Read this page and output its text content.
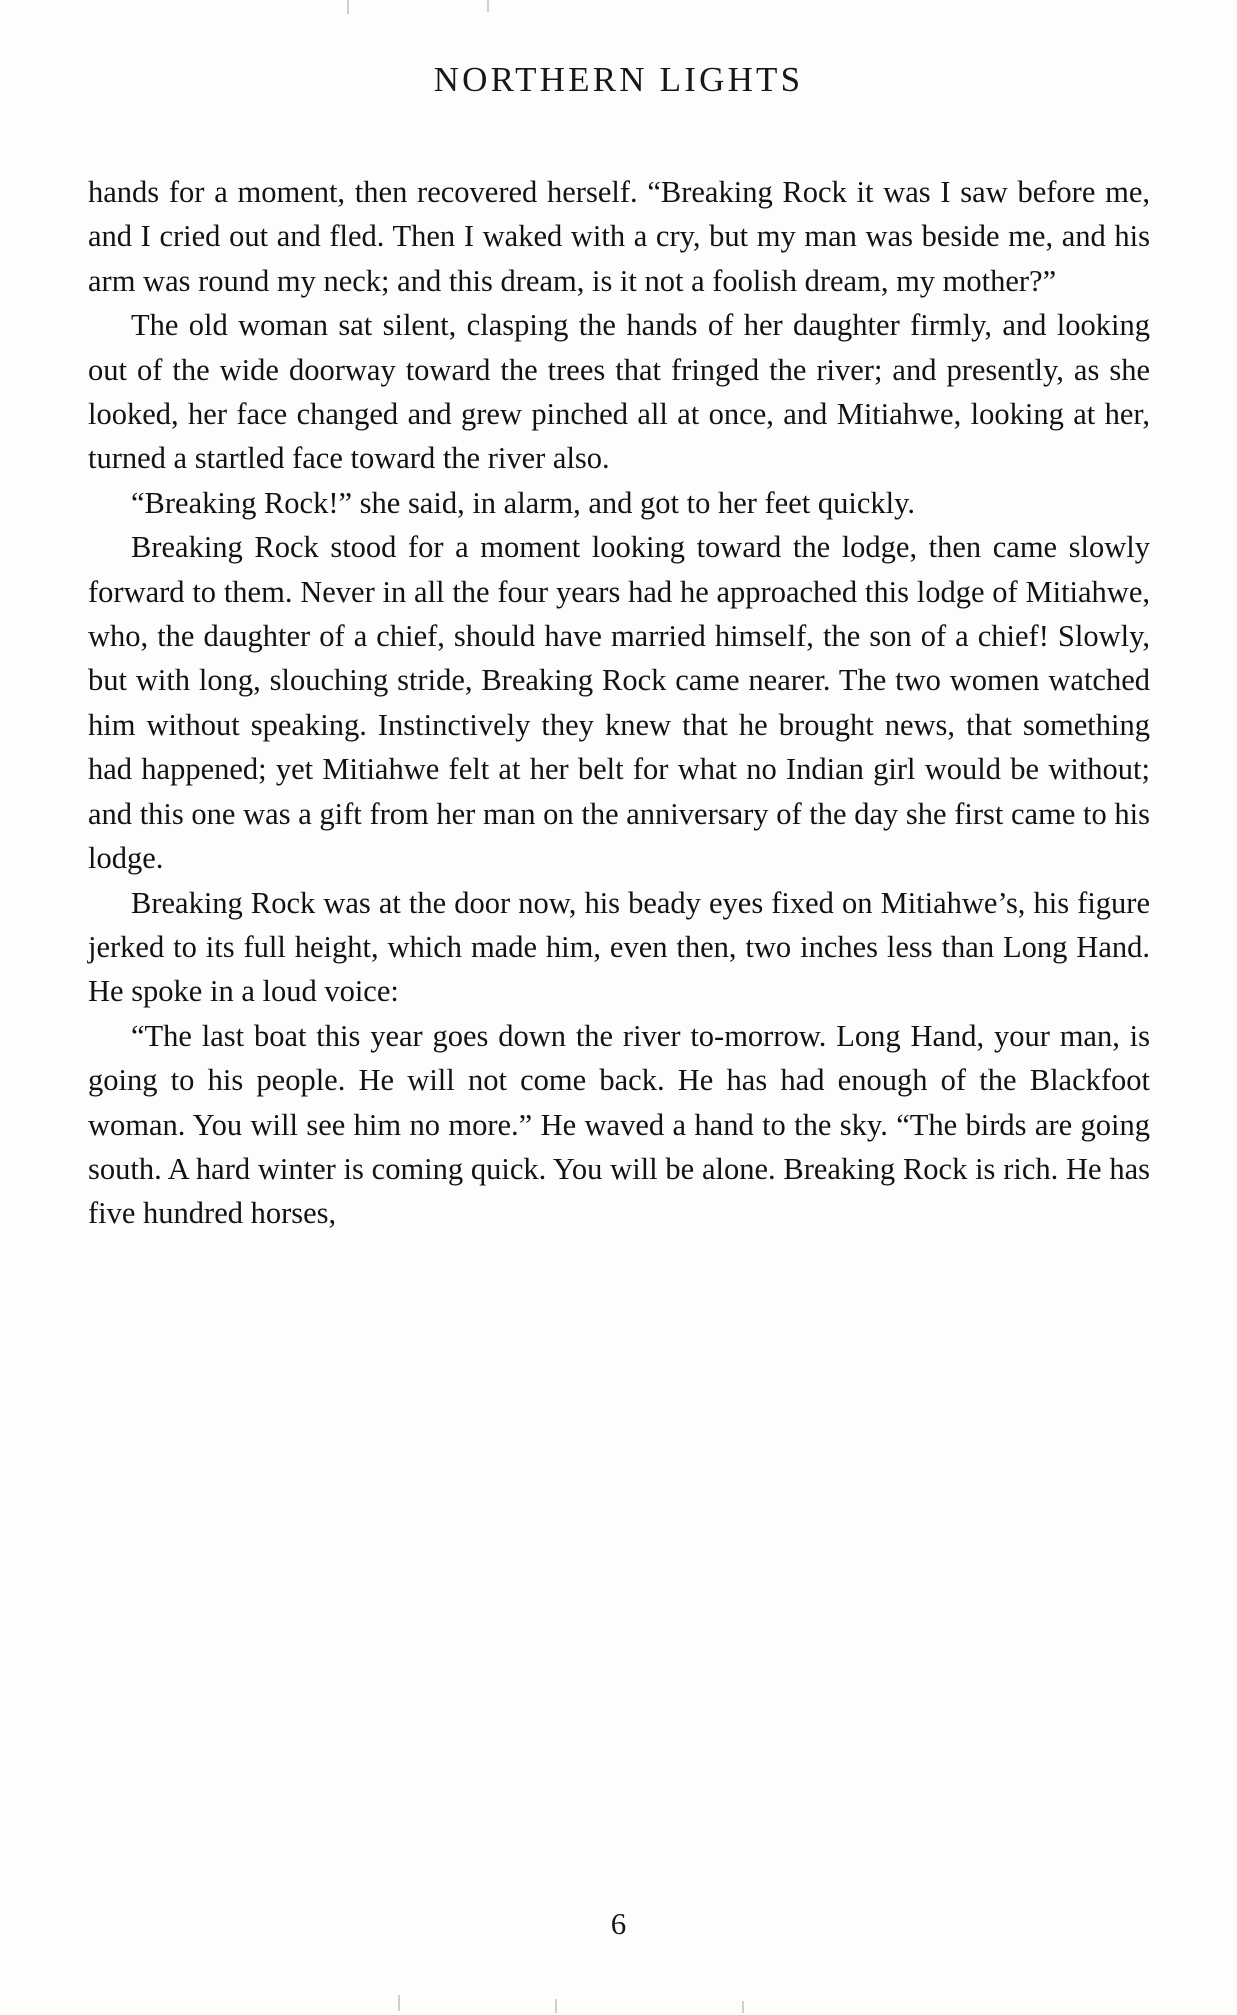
NORTHERN LIGHTS

hands for a moment, then recovered herself. “Breaking Rock it was I saw before me, and I cried out and fled. Then I waked with a cry, but my man was beside me, and his arm was round my neck; and this dream, is it not a foolish dream, my mother?”

The old woman sat silent, clasping the hands of her daughter firmly, and looking out of the wide doorway toward the trees that fringed the river; and presently, as she looked, her face changed and grew pinched all at once, and Mitiahwe, looking at her, turned a startled face toward the river also.

“Breaking Rock!” she said, in alarm, and got to her feet quickly.

Breaking Rock stood for a moment looking toward the lodge, then came slowly forward to them. Never in all the four years had he approached this lodge of Mitiahwe, who, the daughter of a chief, should have married himself, the son of a chief! Slowly, but with long, slouching stride, Breaking Rock came nearer. The two women watched him without speaking. Instinctively they knew that he brought news, that something had happened; yet Mitiahwe felt at her belt for what no Indian girl would be without; and this one was a gift from her man on the anniversary of the day she first came to his lodge.

Breaking Rock was at the door now, his beady eyes fixed on Mitiahwe’s, his figure jerked to its full height, which made him, even then, two inches less than Long Hand. He spoke in a loud voice:

“The last boat this year goes down the river to-morrow. Long Hand, your man, is going to his people. He will not come back. He has had enough of the Blackfoot woman. You will see him no more.” He waved a hand to the sky. “The birds are going south. A hard winter is coming quick. You will be alone. Breaking Rock is rich. He has five hundred horses,

6
